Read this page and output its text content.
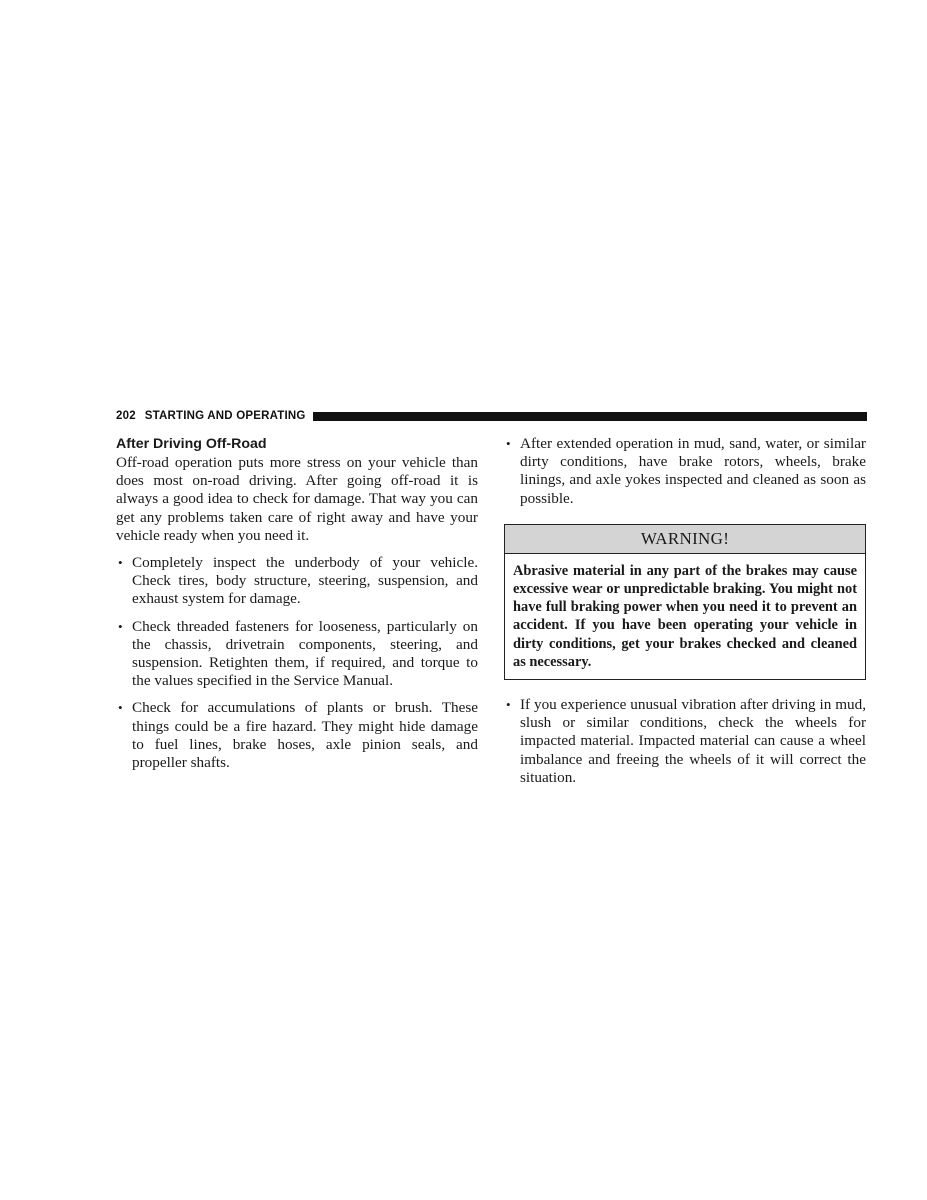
202 STARTING AND OPERATING
After Driving Off-Road

Off-road operation puts more stress on your vehicle than does most on-road driving. After going off-road it is always a good idea to check for damage. That way you can get any problems taken care of right away and have your vehicle ready when you need it.

• Completely inspect the underbody of your vehicle. Check tires, body structure, steering, suspension, and exhaust system for damage.
• Check threaded fasteners for looseness, particularly on the chassis, drivetrain components, steering, and suspension. Retighten them, if required, and torque to the values specified in the Service Manual.
• Check for accumulations of plants or brush. These things could be a fire hazard. They might hide damage to fuel lines, brake hoses, axle pinion seals, and propeller shafts.
• After extended operation in mud, sand, water, or similar dirty conditions, have brake rotors, wheels, brake linings, and axle yokes inspected and cleaned as soon as possible.
WARNING!
Abrasive material in any part of the brakes may cause excessive wear or unpredictable braking. You might not have full braking power when you need it to prevent an accident. If you have been operating your vehicle in dirty conditions, get your brakes checked and cleaned as necessary.
• If you experience unusual vibration after driving in mud, slush or similar conditions, check the wheels for impacted material. Impacted material can cause a wheel imbalance and freeing the wheels of it will correct the situation.
